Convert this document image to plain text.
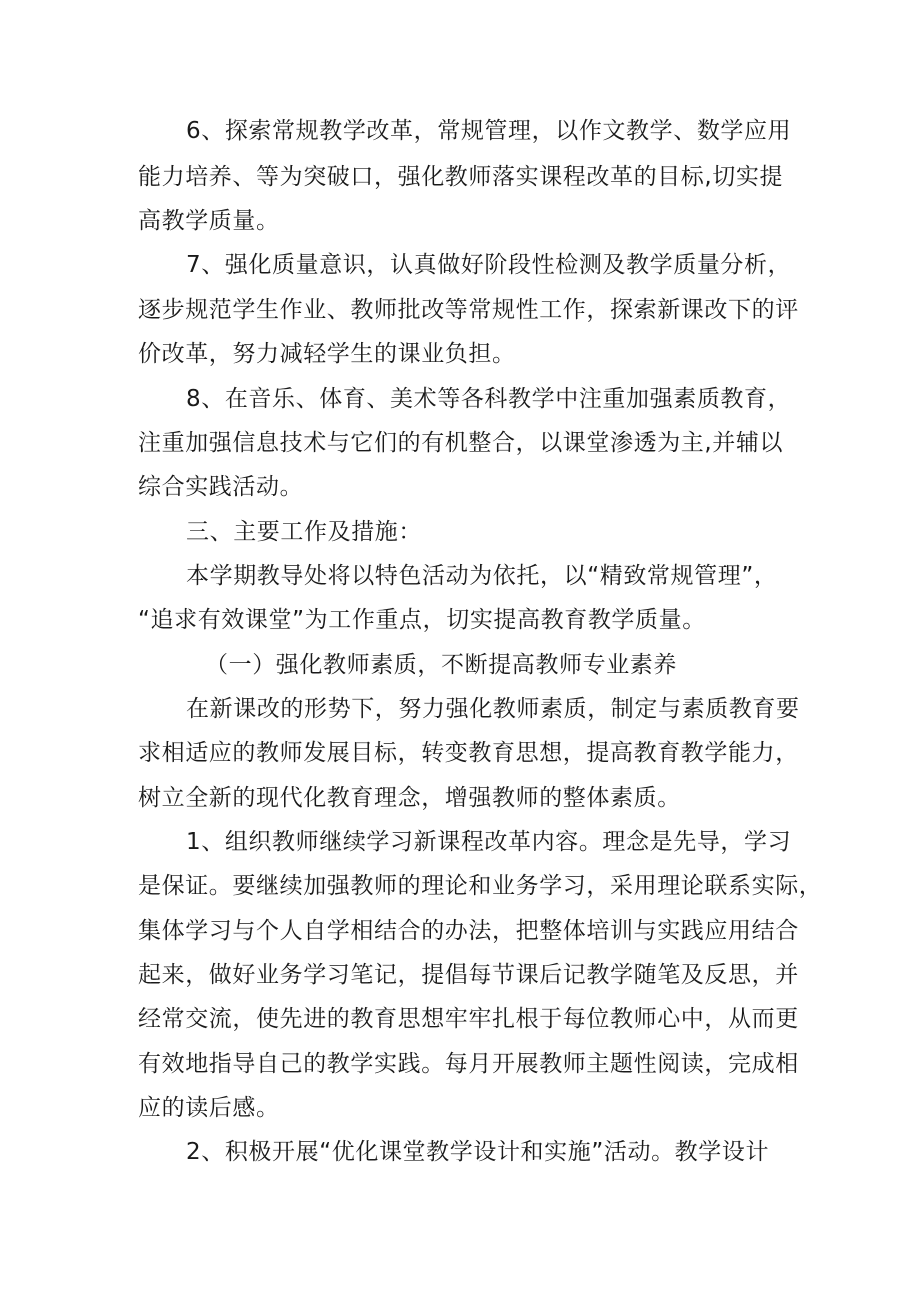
6、探索常规教学改革，常规管理，以作文教学、数学应用
能力培养、等为突破口，强化教师落实课程改革的目标,切实提
高教学质量。
7、强化质量意识，认真做好阶段性检测及教学质量分析，
逐步规范学生作业、教师批改等常规性工作，探索新课改下的评
价改革，努力减轻学生的课业负担。
8、在音乐、体育、美术等各科教学中注重加强素质教育，
注重加强信息技术与它们的有机整合，以课堂渗透为主,并辅以
综合实践活动。
三、主要工作及措施：
本学期教导处将以特色活动为依托，以“精致常规管理”，
“追求有效课堂”为工作重点，切实提高教育教学质量。
（一）强化教师素质，不断提高教师专业素养
在新课改的形势下，努力强化教师素质，制定与素质教育要
求相适应的教师发展目标，转变教育思想，提高教育教学能力，
树立全新的现代化教育理念，增强教师的整体素质。
1、组织教师继续学习新课程改革内容。理念是先导，学习
是保证。要继续加强教师的理论和业务学习，采用理论联系实际，
集体学习与个人自学相结合的办法，把整体培训与实践应用结合
起来，做好业务学习笔记，提倡每节课后记教学随笔及反思，并
经常交流，使先进的教育思想牢牢扎根于每位教师心中，从而更
有效地指导自己的教学实践。每月开展教师主题性阅读，完成相
应的读后感。
2、积极开展“优化课堂教学设计和实施”活动。教学设计
